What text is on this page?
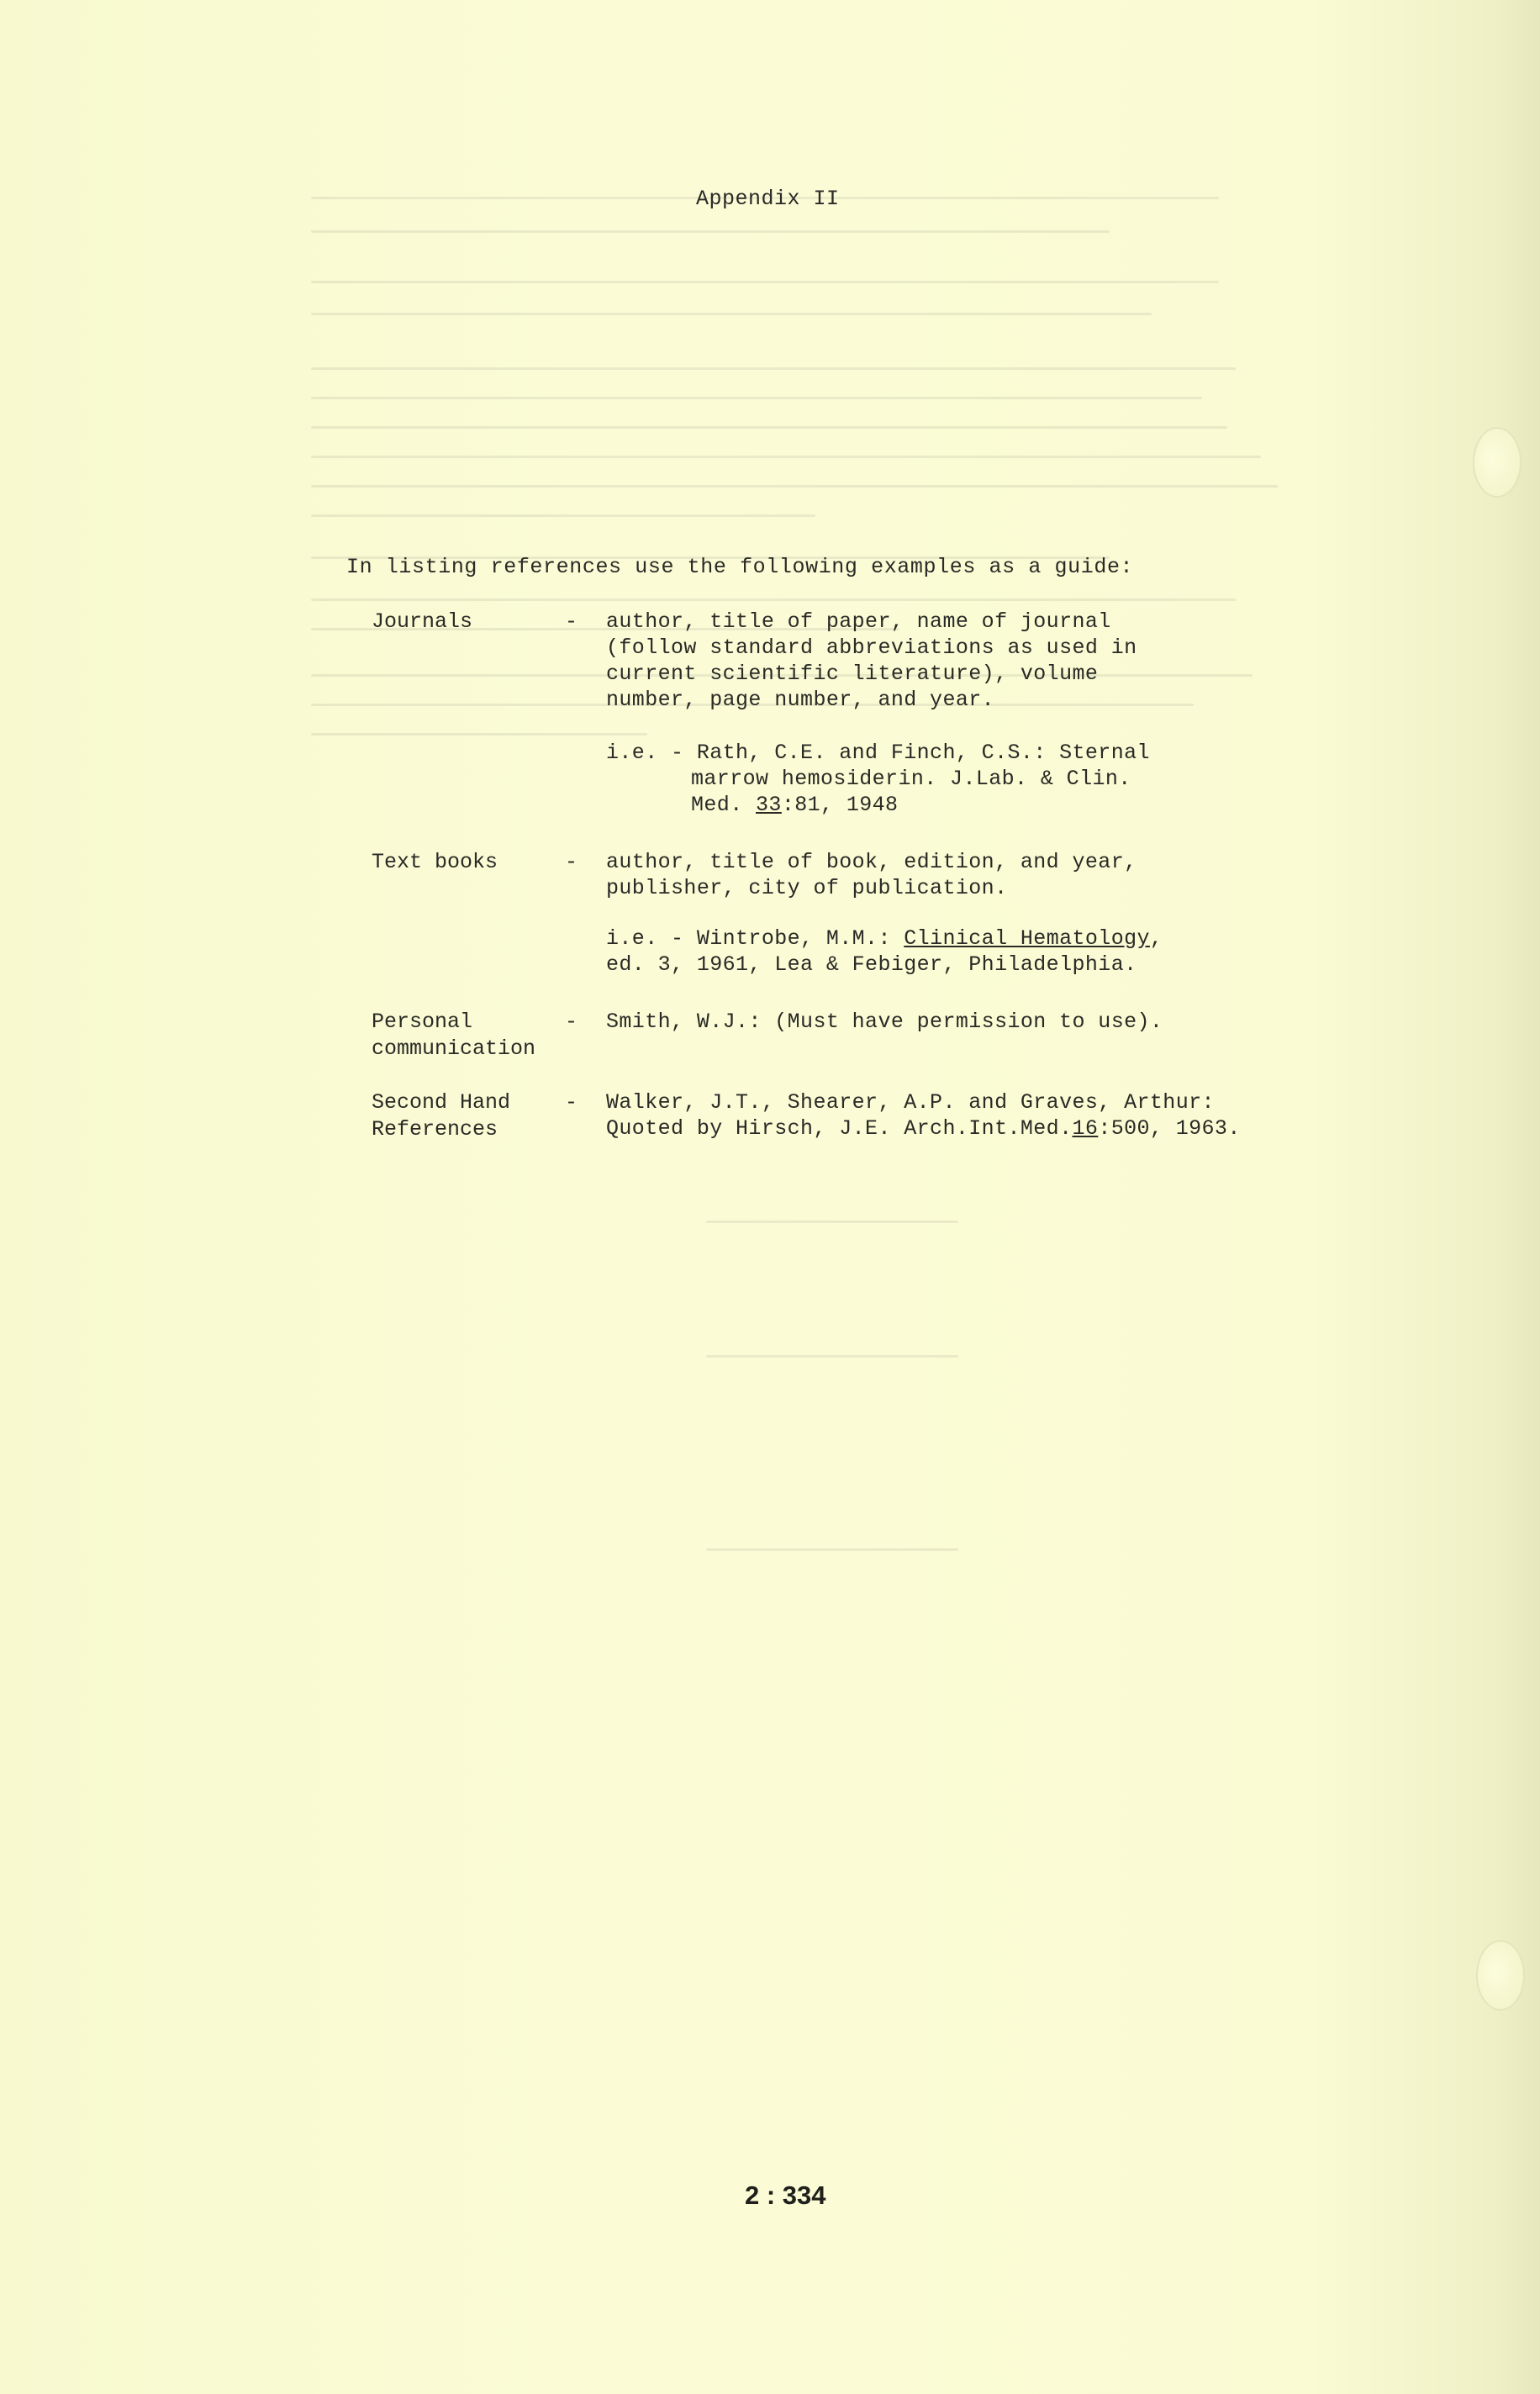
Appendix II
In listing references use the following examples as a guide:
Journals	- author, title of paper, name of journal
(follow standard abbreviations as used in
current scientific literature), volume
number, page number, and year.
i.e. - Rath, C.E. and Finch, C.S.: Sternal
marrow hemosiderin. J.Lab. & Clin.
Med. 33:81, 1948
Text books	- author, title of book, edition, and year,
publisher, city of publication.
i.e. - Wintrobe, M.M.: Clinical Hematology,
ed. 3, 1961, Lea & Febiger, Philadelphia.
Personal
communication
- Smith, W.J.: (Must have permission to use).
Second Hand
References
- Walker, J.T., Shearer, A.P. and Graves, Arthur:
Quoted by Hirsch, J.E. Arch.Int.Med.16:500, 1963.
2 : 334
